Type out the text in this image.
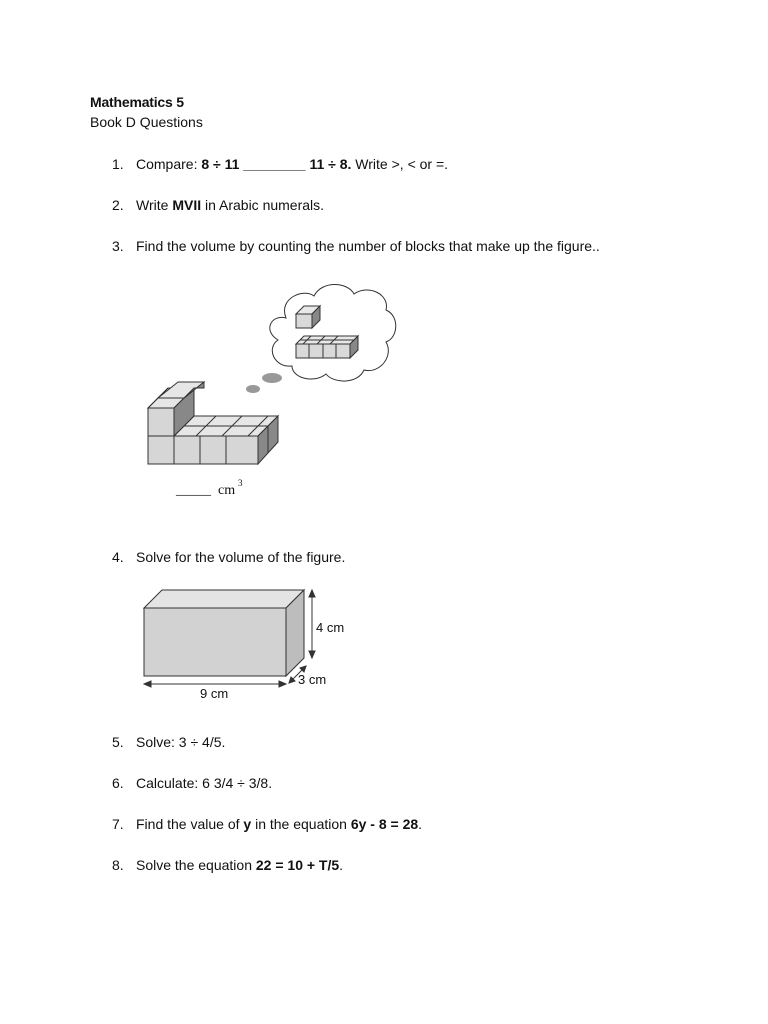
Mathematics 5
Book D Questions
1. Compare: 8 ÷ 11 ________ 11 ÷ 8. Write >, < or =.
2. Write MVII in Arabic numerals.
3. Find the volume by counting the number of blocks that make up the figure..
_____ cm 3
4. Solve for the volume of the figure.
4 cm
3 cm
9 cm
5. Solve: 3 ÷ 4/5.
6. Calculate: 6 3/4 ÷ 3/8.
7. Find the value of y in the equation 6y - 8 = 28.
8. Solve the equation 22 = 10 + T/5.
